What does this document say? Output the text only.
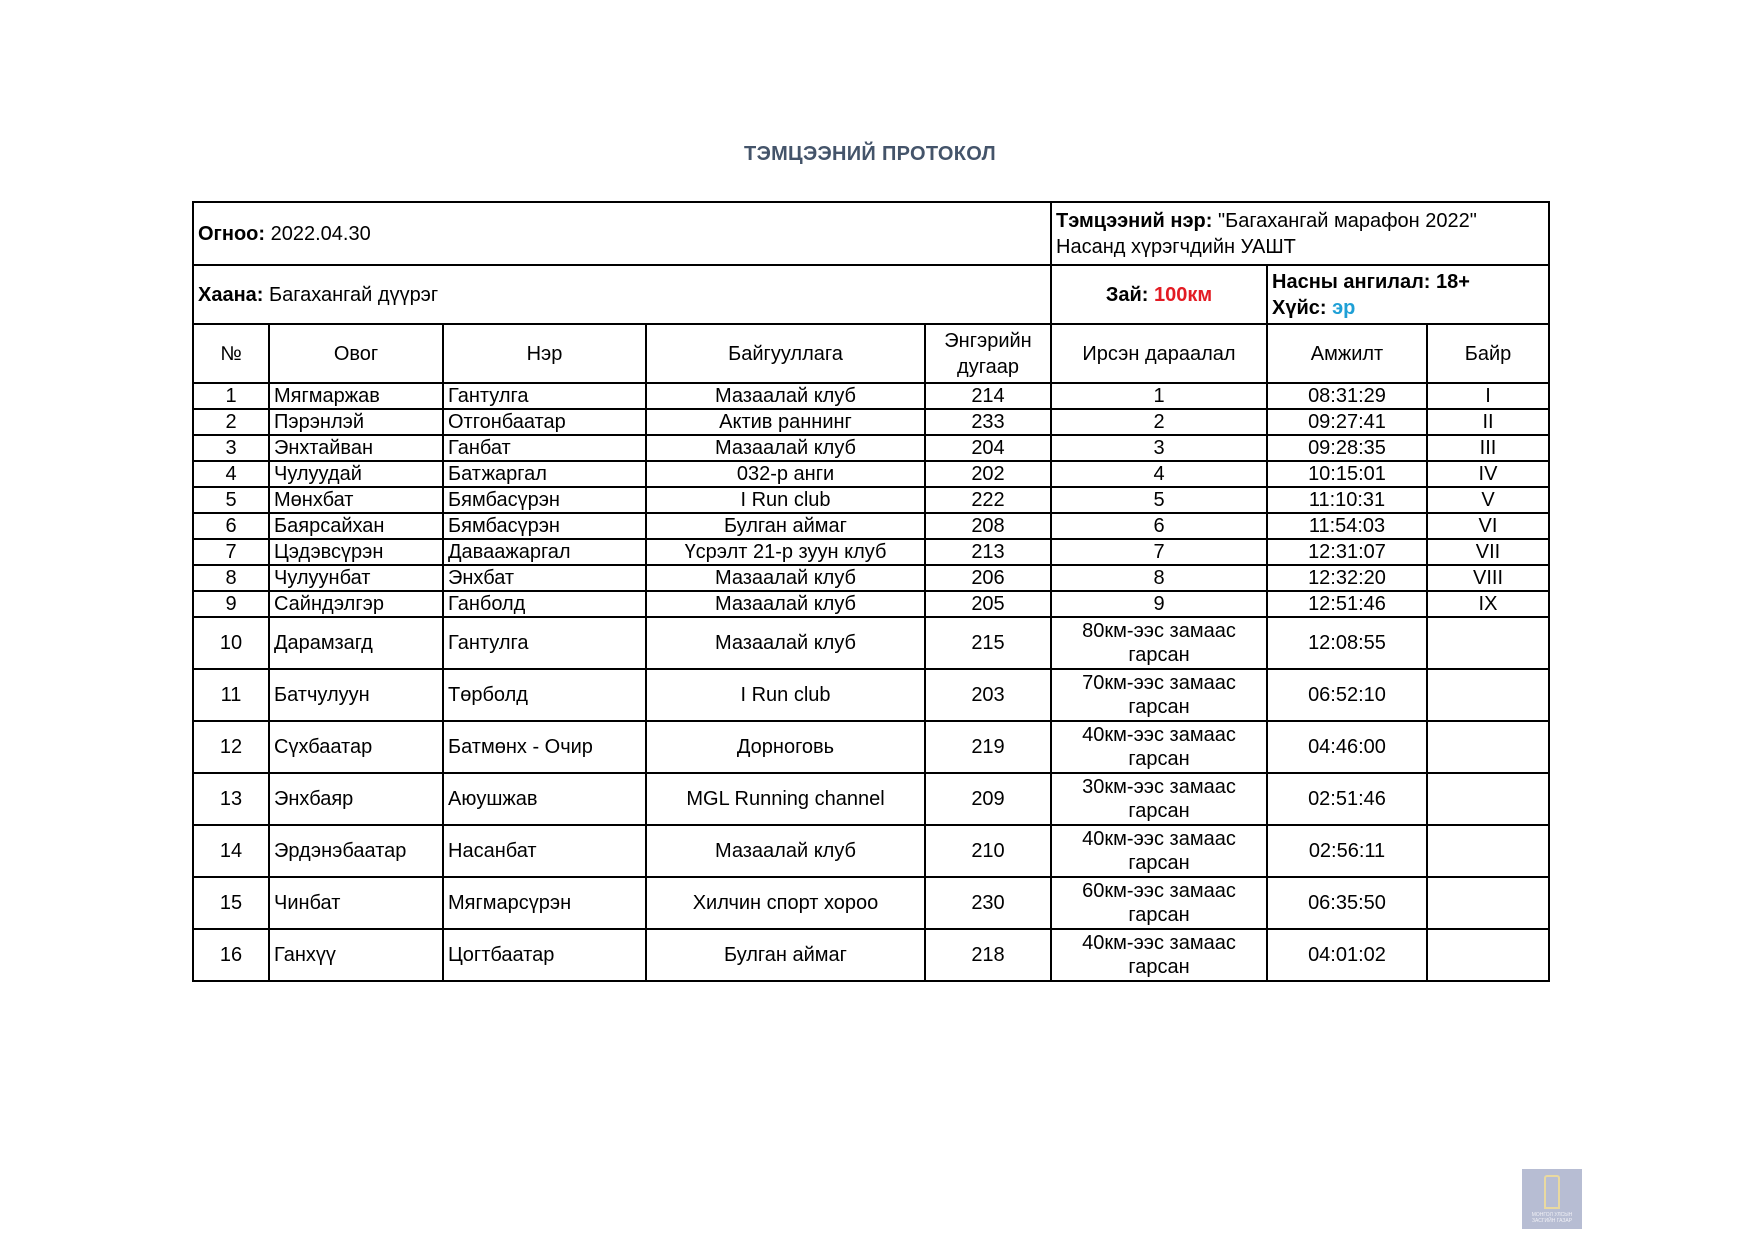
ТЭМЦЭЭНИЙ ПРОТОКОЛ
Огноо: 2022.04.30					Тэмцээний нэр: "Багахангай марафон 2022"
Насанд хүрэгчдийн УАШТ		
Хаана: Багахангай дүүрэг					Зай: 100км	Насны ангилал: 18+
Хүйс: эр	
№	Овог	Нэр	Байгууллага	Энгэрийн дугаар	Ирсэн дараалал	Амжилт	Байр
1	Мягмаржав	Гантулга	Мазаалай клуб	214	1	08:31:29	I
2	Пэрэнлэй	Отгонбаатар	Актив раннинг	233	2	09:27:41	II
3	Энхтайван	Ганбат	Мазаалай клуб	204	3	09:28:35	III
4	Чулуудай	Батжаргал	032-р анги	202	4	10:15:01	IV
5	Мөнхбат	Бямбасүрэн	I Run club	222	5	11:10:31	V
6	Баярсайхан	Бямбасүрэн	Булган аймаг	208	6	11:54:03	VI
7	Цэдэвсүрэн	Даваажаргал	Үсрэлт 21-р зуун клуб	213	7	12:31:07	VII
8	Чулуунбат	Энхбат	Мазаалай клуб	206	8	12:32:20	VIII
9	Сайндэлгэр	Ганболд	Мазаалай клуб	205	9	12:51:46	IX
10	Дарамзагд	Гантулга	Мазаалай клуб	215	80км-ээс замаас гарсан	12:08:55	
11	Батчулуун	Төрболд	I Run club	203	70км-ээс замаас гарсан	06:52:10	
12	Сүхбаатар	Батмөнх - Очир	Дорноговь	219	40км-ээс замаас гарсан	04:46:00	
13	Энхбаяр	Аюушжав	MGL Running channel	209	30км-ээс замаас гарсан	02:51:46	
14	Эрдэнэбаатар	Насанбат	Мазаалай клуб	210	40км-ээс замаас гарсан	02:56:11	
15	Чинбат	Мягмарсүрэн	Хилчин спорт хороо	230	60км-ээс замаас гарсан	06:35:50	
16	Ганхүү	Цогтбаатар	Булган аймаг	218	40км-ээс замаас гарсан	04:01:02	
МОНГОЛ УЛСЫН ЗАСГИЙН ГАЗАР
